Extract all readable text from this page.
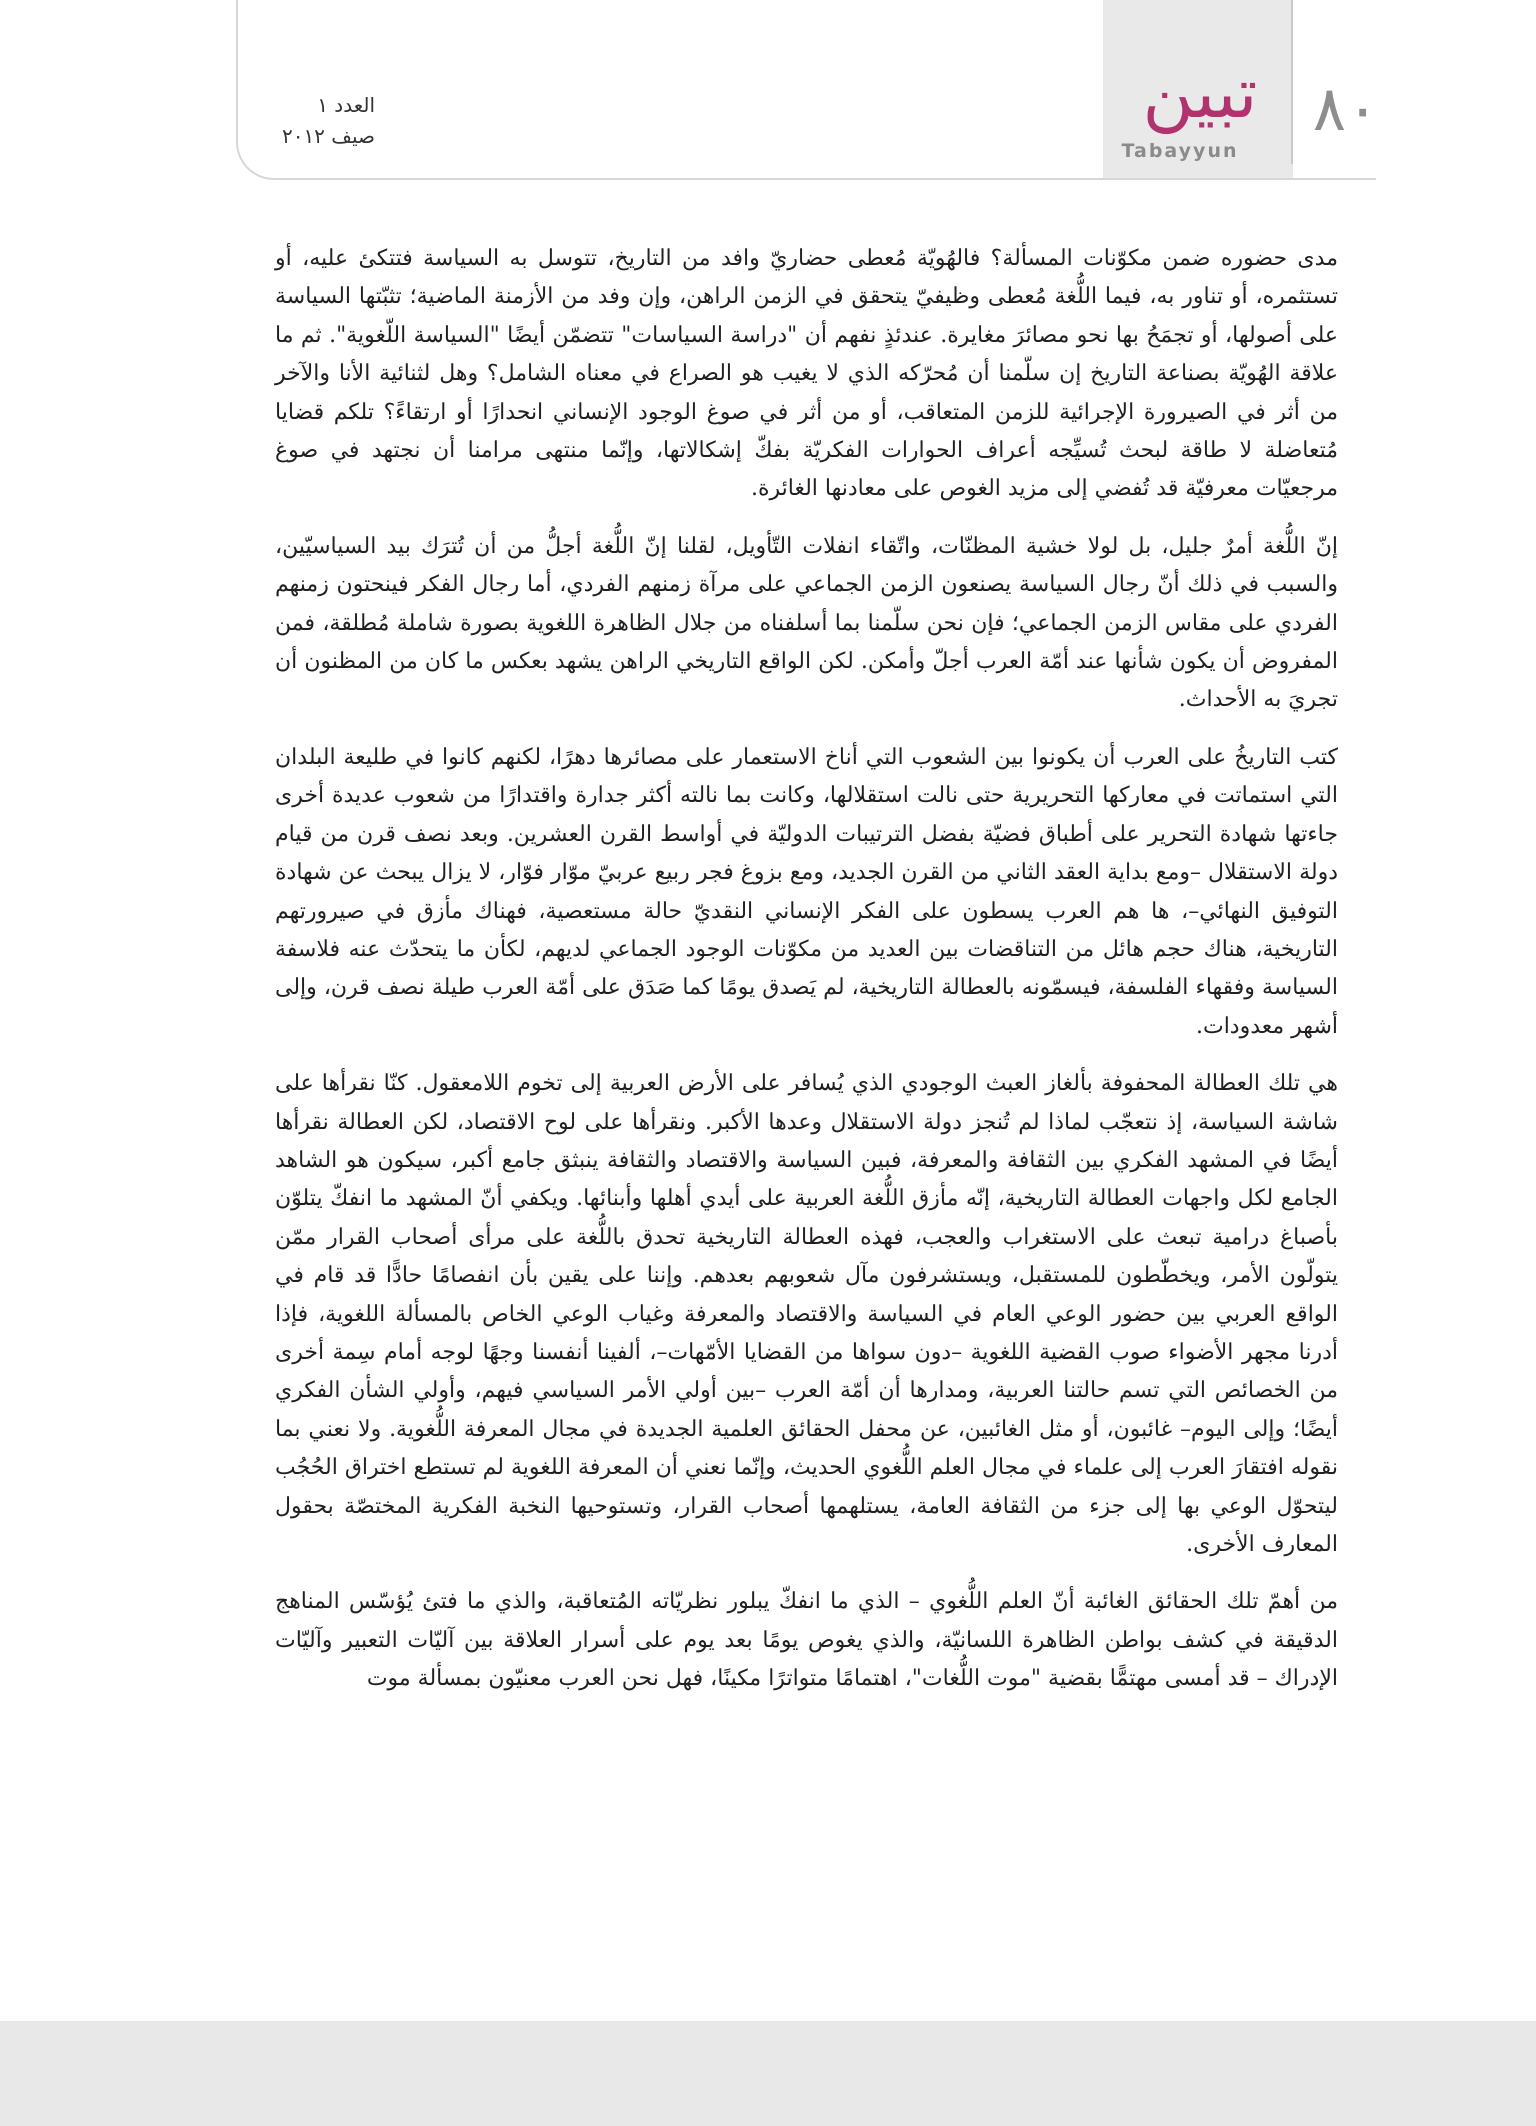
٨٠
تبين
Tabayyun
العدد ١
صيف ٢٠١٢

مدى حضوره ضمن مكوّنات المسألة؟ فالهُويّة مُعطى حضاريّ وافد من التاريخ، تتوسل به السياسة فتتكئ عليه، أو تستثمره، أو تناور به، فيما اللُّغة مُعطى وظيفيّ يتحقق في الزمن الراهن، وإن وفد من الأزمنة الماضية؛ تثبّتها السياسة على أصولها، أو تجمَحُ بها نحو مصائرَ مغايرة. عندئذٍ نفهم أن "دراسة السياسات" تتضمّن أيضًا "السياسة اللّغوية". ثم ما علاقة الهُويّة بصناعة التاريخ إن سلّمنا أن مُحرّكه الذي لا يغيب هو الصراع في معناه الشامل؟ وهل لثنائية الأنا والآخر من أثر في الصيرورة الإجرائية للزمن المتعاقب، أو من أثر في صوغ الوجود الإنساني انحدارًا أو ارتقاءً؟ تلكم قضايا مُتعاضلة لا طاقة لبحث تُسيِّجه أعراف الحوارات الفكريّة بفكّ إشكالاتها، وإنّما منتهى مرامنا أن نجتهد في صوغ مرجعيّات معرفيّة قد تُفضي إلى مزيد الغوص على معادنها الغائرة.

إنّ اللُّغة أمرٌ جليل، بل لولا خشية المظنّات، واتّقاء انفلات التّأويل، لقلنا إنّ اللُّغة أجلُّ من أن تُترَك بيد السياسيّين، والسبب في ذلك أنّ رجال السياسة يصنعون الزمن الجماعي على مرآة زمنهم الفردي، أما رجال الفكر فينحتون زمنهم الفردي على مقاس الزمن الجماعي؛ فإن نحن سلّمنا بما أسلفناه من جلال الظاهرة اللغوية بصورة شاملة مُطلقة، فمن المفروض أن يكون شأنها عند أمّة العرب أجلّ وأمكن. لكن الواقع التاريخي الراهن يشهد بعكس ما كان من المظنون أن تجريَ به الأحداث.

كتب التاريخُ على العرب أن يكونوا بين الشعوب التي أناخ الاستعمار على مصائرها دهرًا، لكنهم كانوا في طليعة البلدان التي استماتت في معاركها التحريرية حتى نالت استقلالها، وكانت بما نالته أكثر جدارة واقتدارًا من شعوب عديدة أخرى جاءتها شهادة التحرير على أطباق فضيّة بفضل الترتيبات الدوليّة في أواسط القرن العشرين. وبعد نصف قرن من قيام دولة الاستقلال –ومع بداية العقد الثاني من القرن الجديد، ومع بزوغ فجر ربيع عربيّ موّار فوّار، لا يزال يبحث عن شهادة التوفيق النهائي–، ها هم العرب يسطون على الفكر الإنساني النقديّ حالة مستعصية، فهناك مأزق في صيرورتهم التاريخية، هناك حجم هائل من التناقضات بين العديد من مكوّنات الوجود الجماعي لديهم، لكأن ما يتحدّث عنه فلاسفة السياسة وفقهاء الفلسفة، فيسمّونه بالعطالة التاريخية، لم يَصدق يومًا كما صَدَق على أمّة العرب طيلة نصف قرن، وإلى أشهر معدودات.

هي تلك العطالة المحفوفة بألغاز العبث الوجودي الذي يُسافر على الأرض العربية إلى تخوم اللامعقول. كنّا نقرأها على شاشة السياسة، إذ نتعجّب لماذا لم تُنجز دولة الاستقلال وعدها الأكبر. ونقرأها على لوح الاقتصاد، لكن العطالة نقرأها أيضًا في المشهد الفكري بين الثقافة والمعرفة، فبين السياسة والاقتصاد والثقافة ينبثق جامع أكبر، سيكون هو الشاهد الجامع لكل واجهات العطالة التاريخية، إنّه مأزق اللُّغة العربية على أيدي أهلها وأبنائها. ويكفي أنّ المشهد ما انفكّ يتلوّن بأصباغ درامية تبعث على الاستغراب والعجب، فهذه العطالة التاريخية تحدق باللُّغة على مرأى أصحاب القرار ممّن يتولّون الأمر، ويخطّطون للمستقبل، ويستشرفون مآل شعوبهم بعدهم. وإننا على يقين بأن انفصامًا حادًّا قد قام في الواقع العربي بين حضور الوعي العام في السياسة والاقتصاد والمعرفة وغياب الوعي الخاص بالمسألة اللغوية، فإذا أدرنا مجهر الأضواء صوب القضية اللغوية –دون سواها من القضايا الأمّهات–، ألفينا أنفسنا وجهًا لوجه أمام سِمة أخرى من الخصائص التي تسم حالتنا العربية، ومدارها أن أمّة العرب –بين أولي الأمر السياسي فيهم، وأولي الشأن الفكري أيضًا؛ وإلى اليوم– غائبون، أو مثل الغائبين، عن محفل الحقائق العلمية الجديدة في مجال المعرفة اللُّغوية. ولا نعني بما نقوله افتقارَ العرب إلى علماء في مجال العلم اللُّغوي الحديث، وإنّما نعني أن المعرفة اللغوية لم تستطع اختراق الحُجُب ليتحوّل الوعي بها إلى جزء من الثقافة العامة، يستلهمها أصحاب القرار، وتستوحيها النخبة الفكرية المختصّة بحقول المعارف الأخرى.

من أهمّ تلك الحقائق الغائبة أنّ العلم اللُّغوي – الذي ما انفكّ يبلور نظريّاته المُتعاقبة، والذي ما فتئ يُؤسّس المناهج الدقيقة في كشف بواطن الظاهرة اللسانيّة، والذي يغوص يومًا بعد يوم على أسرار العلاقة بين آليّات التعبير وآليّات الإدراك – قد أمسى مهتمًّا بقضية "موت اللُّغات"، اهتمامًا متواترًا مكينًا، فهل نحن العرب معنيّون بمسألة موت
